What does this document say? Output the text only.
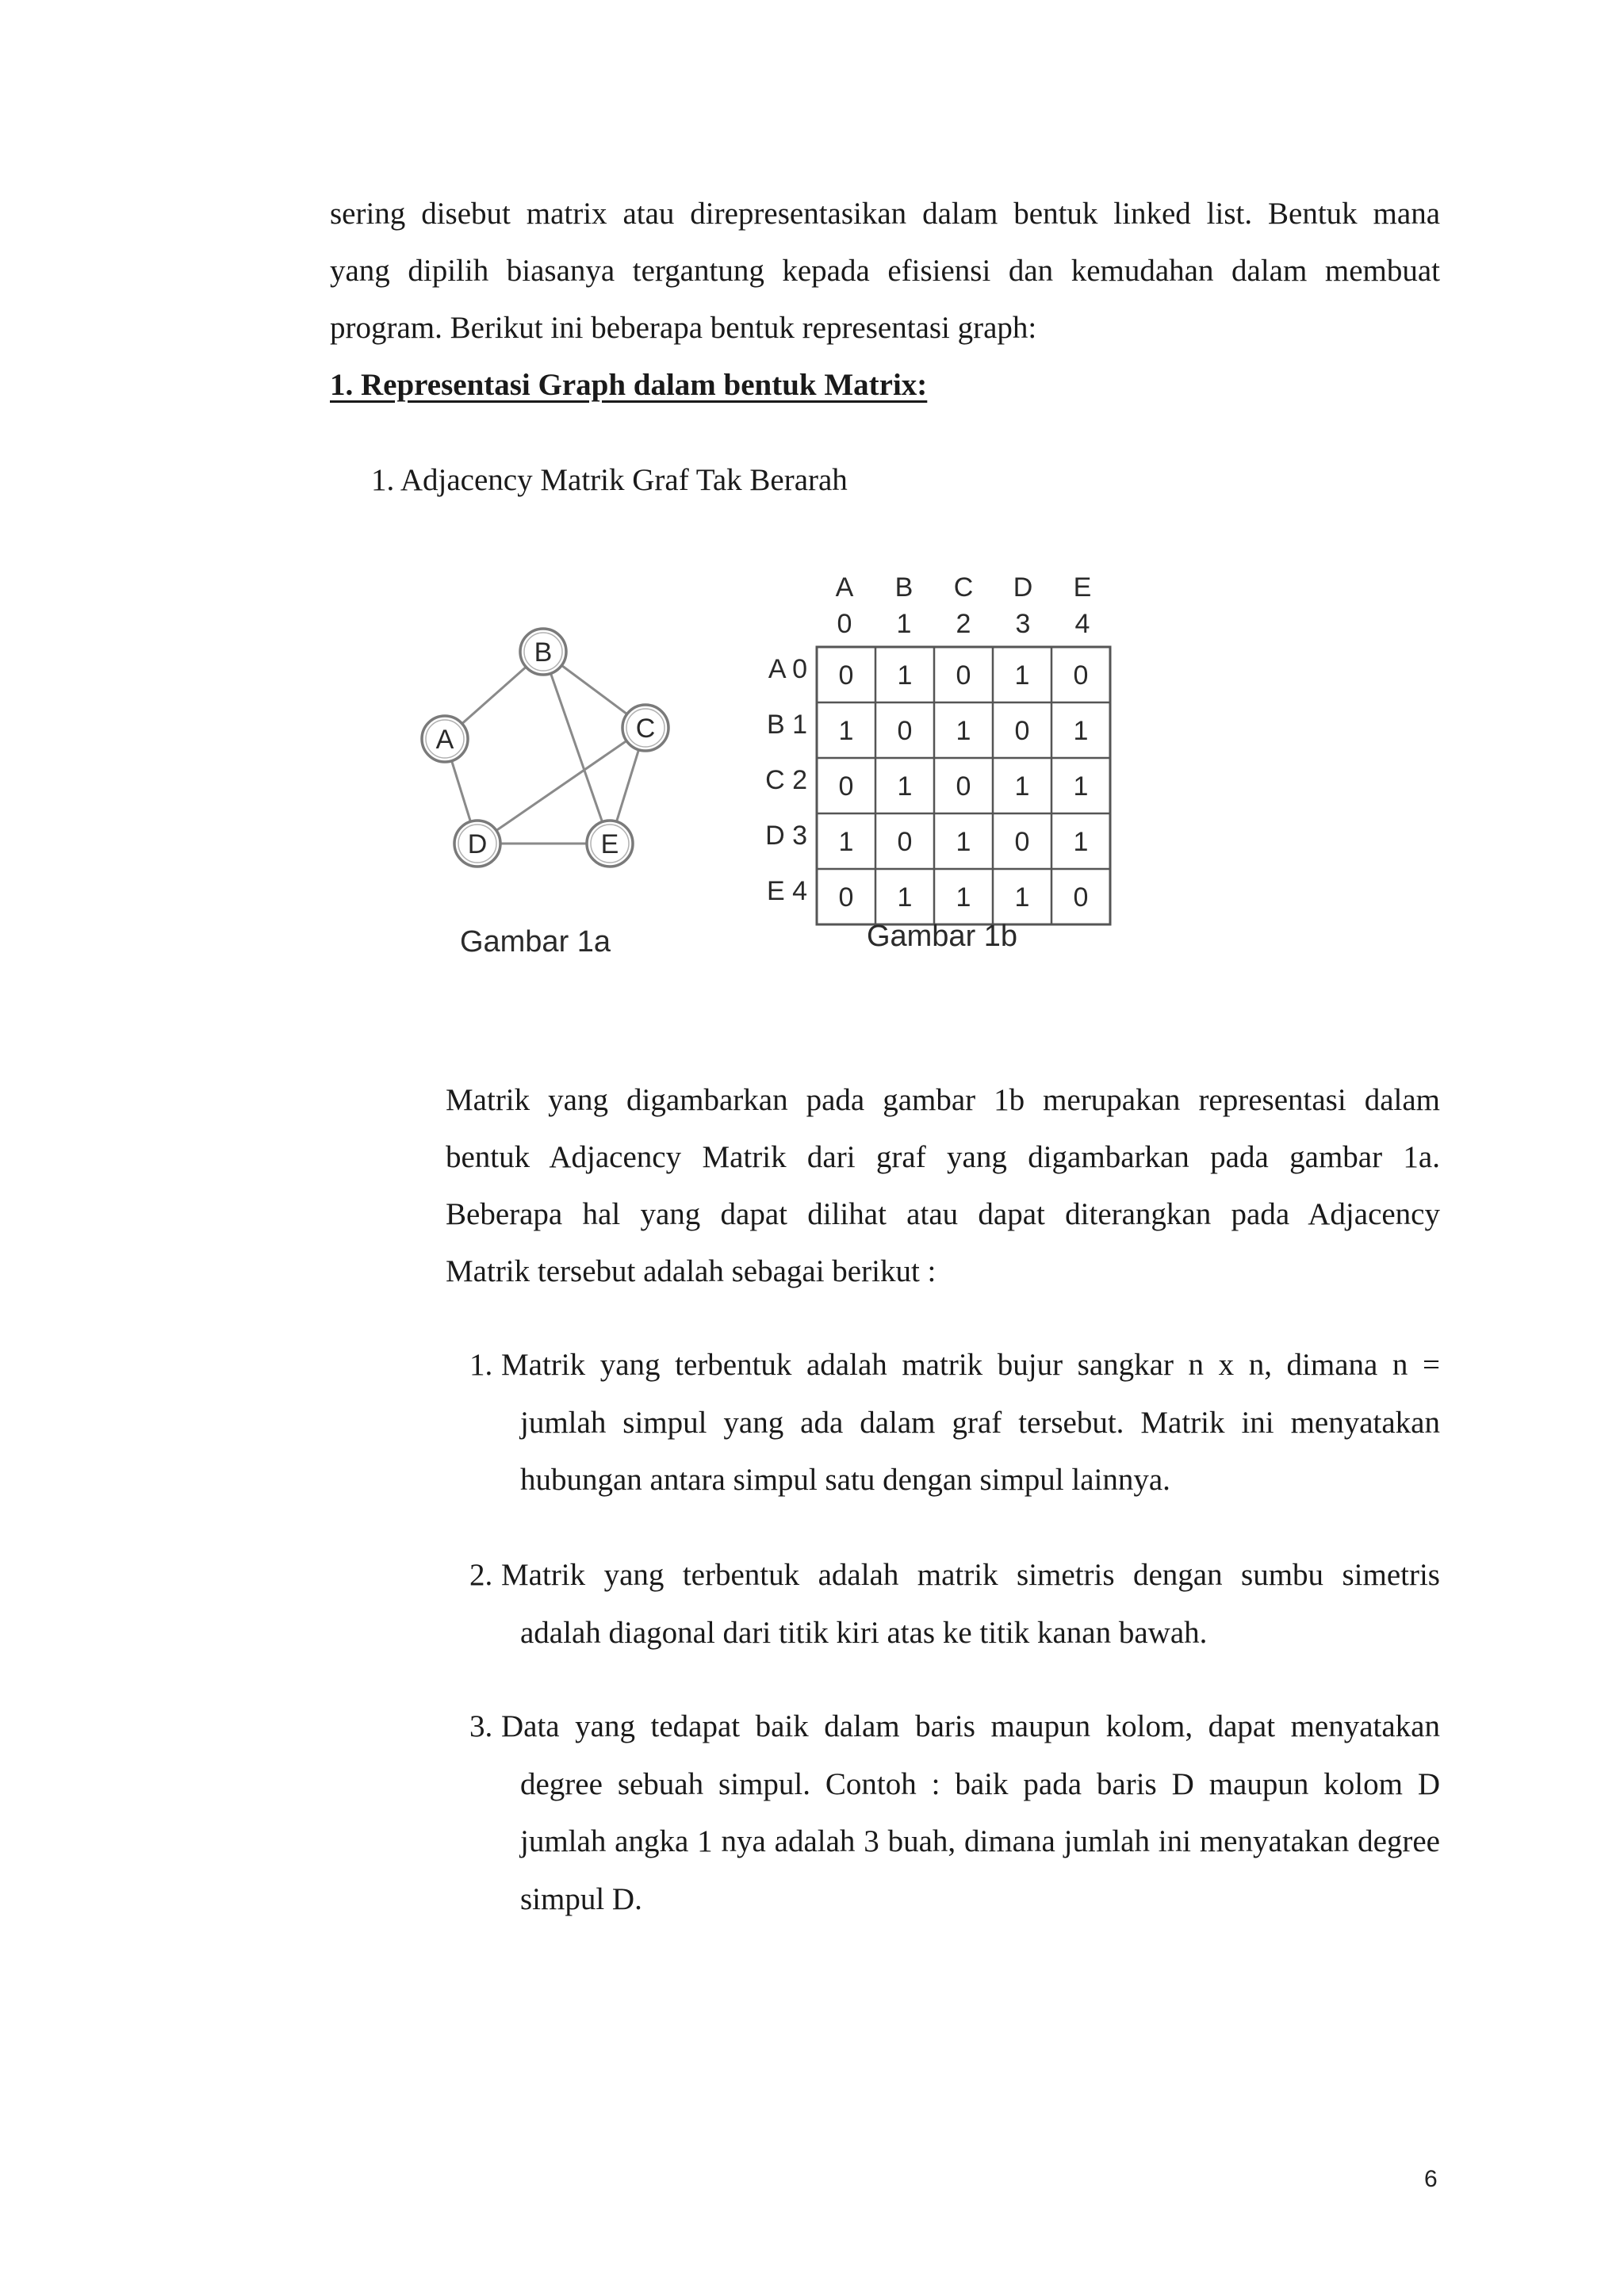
sering disebut matrix atau direpresentasikan dalam bentuk linked list. Bentuk mana

yang dipilih biasanya tergantung kepada efisiensi dan kemudahan dalam membuat

program. Berikut ini beberapa bentuk representasi graph:

1. Representasi Graph dalam bentuk Matrix:

1. Adjacency Matrik Graf Tak Berarah

A
B
C
D	E
Gambar 1a
A B C D E
0 1 2 3 4
A 0
B 1
C 2
D 3
E 4
0 1 0 1 0
1 0 1 0 1
0 1 0 1 1
1 0 1 0 1
0 1 1 1 0
Gambar 1b

Matrik yang digambarkan pada gambar 1b merupakan representasi dalam

bentuk Adjacency Matrik dari graf yang digambarkan pada gambar 1a.

Beberapa hal yang dapat dilihat atau dapat diterangkan pada Adjacency

Matrik tersebut adalah sebagai berikut :

1. Matrik yang terbentuk adalah matrik bujur sangkar n x n, dimana n =
jumlah simpul yang ada dalam graf tersebut. Matrik ini menyatakan hubungan antara simpul satu dengan simpul lainnya.
2. Matrik yang terbentuk adalah matrik simetris dengan sumbu simetris
adalah diagonal dari titik kiri atas ke titik kanan bawah.
3. Data yang tedapat baik dalam baris maupun kolom, dapat menyatakan
degree sebuah simpul. Contoh : baik pada baris D maupun kolom D jumlah angka 1 nya adalah 3 buah, dimana jumlah ini menyatakan degree simpul D.
6
